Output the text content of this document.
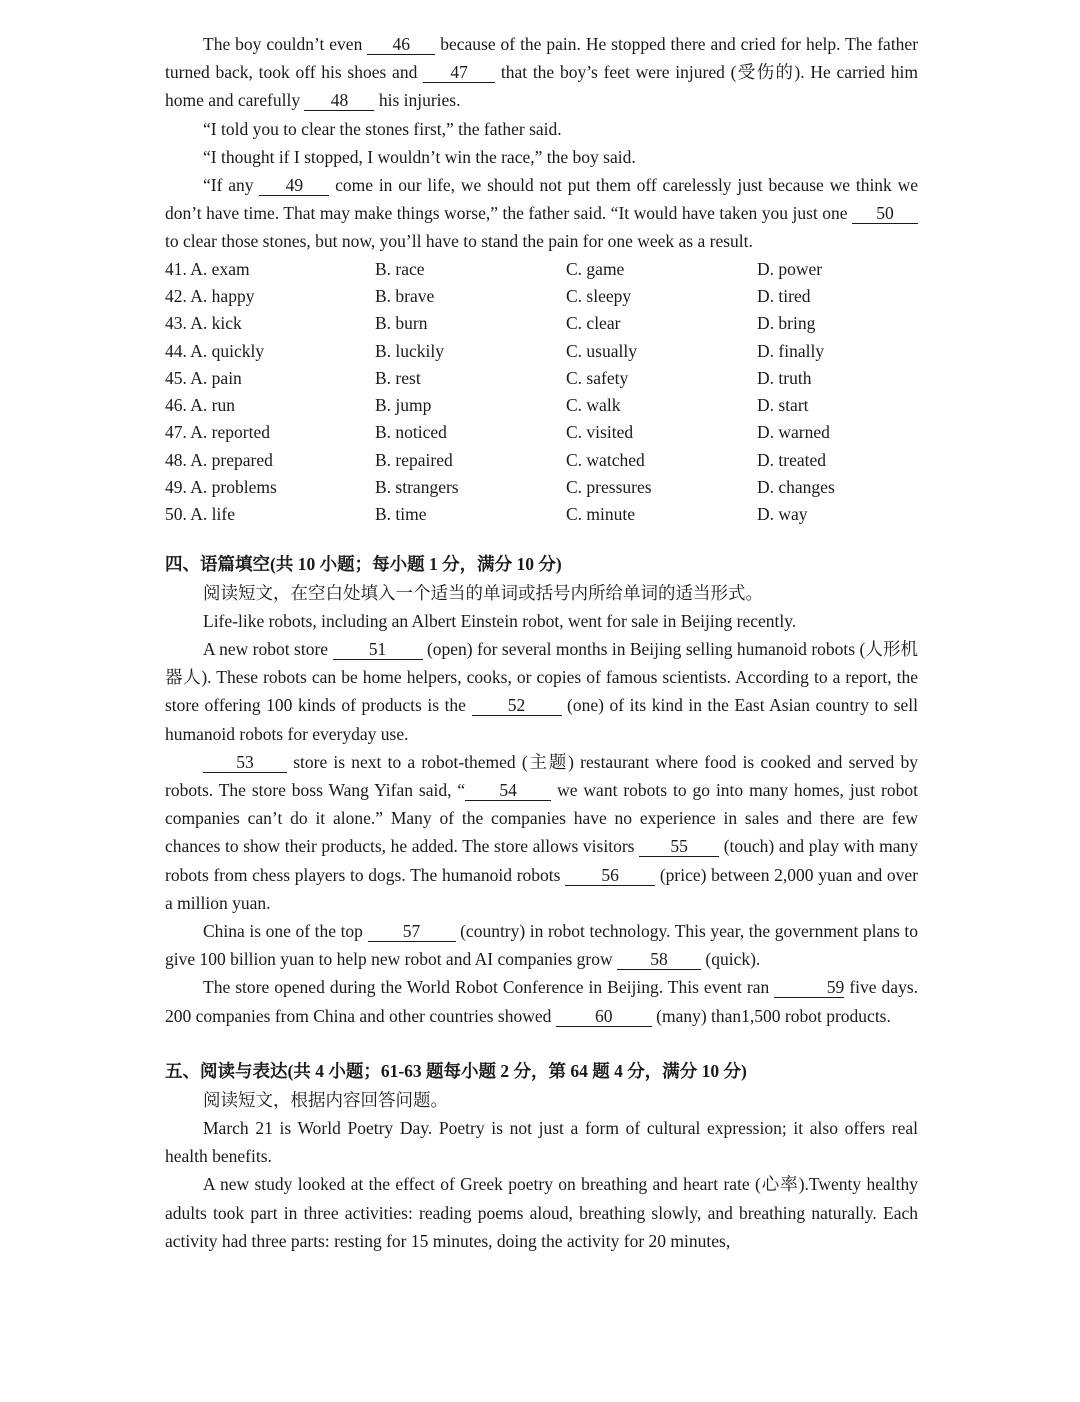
The boy couldn’t even 46 because of the pain. He stopped there and cried for help. The father turned back, took off his shoes and 47 that the boy’s feet were injured (受伤的). He carried him home and carefully 48 his injuries.

“I told you to clear the stones first,” the father said.

“I thought if I stopped, I wouldn’t win the race,” the boy said.

“If any 49 come in our life, we should not put them off carelessly just because we think we don’t have time. That may make things worse,” the father said. “It would have taken you just one 50 to clear those stones, but now, you’ll have to stand the pain for one week as a result.

41. A. exam	B. race	C. game	D. power
42. A. happy	B. brave	C. sleepy	D. tired
43. A. kick	B. burn	C. clear	D. bring
44. A. quickly	B. luckily	C. usually	D. finally
45. A. pain	B. rest	C. safety	D. truth
46. A. run	B. jump	C. walk	D. start
47. A. reported	B. noticed	C. visited	D. warned
48. A. prepared	B. repaired	C. watched	D. treated
49. A. problems	B. strangers	C. pressures	D. changes
50. A. life	B. time	C. minute	D. way

四、语篇填空(共 10 小题；每小题 1 分，满分 10 分)

阅读短文，在空白处填入一个适当的单词或括号内所给单词的适当形式。

Life-like robots, including an Albert Einstein robot, went for sale in Beijing recently.

A new robot store 51 (open) for several months in Beijing selling humanoid robots (人形机器人). These robots can be home helpers, cooks, or copies of famous scientists. According to a report, the store offering 100 kinds of products is the 52 (one) of its kind in the East Asian country to sell humanoid robots for everyday use.

53 store is next to a robot-themed (主题) restaurant where food is cooked and served by robots. The store boss Wang Yifan said, “ 54 we want robots to go into many homes, just robot companies can’t do it alone.” Many of the companies have no experience in sales and there are few chances to show their products, he added. The store allows visitors 55 (touch) and play with many robots from chess players to dogs. The humanoid robots 56 (price) between 2,000 yuan and over a million yuan.

China is one of the top 57 (country) in robot technology. This year, the government plans to give 100 billion yuan to help new robot and AI companies grow 58 (quick).

The store opened during the World Robot Conference in Beijing. This event ran	59 five days. 200 companies from China and other countries showed 60 (many) than1,500 robot products.

五、阅读与表达(共 4 小题；61-63 题每小题 2 分，第 64 题 4 分，满分 10 分)

阅读短文，根据内容回答问题。

March 21 is World Poetry Day. Poetry is not just a form of cultural expression; it also offers real health benefits.

A new study looked at the effect of Greek poetry on breathing and heart rate (心率).Twenty healthy adults took part in three activities: reading poems aloud, breathing slowly, and breathing naturally. Each activity had three parts: resting for 15 minutes, doing the activity for 20 minutes,
